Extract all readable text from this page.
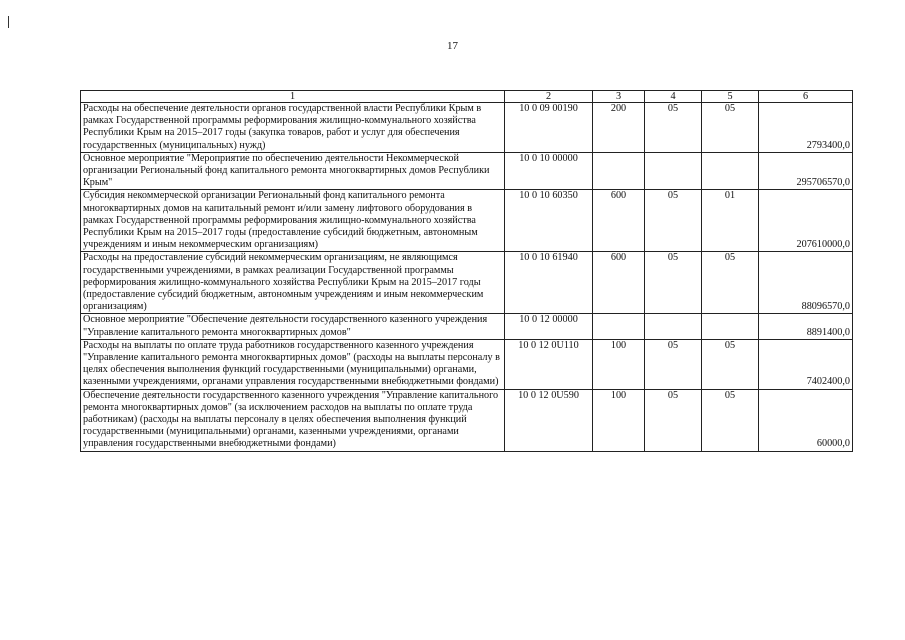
17
1	2	3	4	5	6
Расходы на обеспечение деятельности органов государственной власти Республики Крым в рамках Государственной программы реформирования жилищно-коммунального хозяйства Республики Крым на 2015–2017 годы (закупка товаров, работ и услуг для обеспечения государственных (муниципальных) нужд)	10 0 09 00190	200	05	05	2793400,0
Основное мероприятие "Мероприятие по обеспечению деятельности Некоммерческой организации Региональный фонд капитального ремонта многоквартирных домов Республики Крым"	10 0 10 00000				295706570,0
Субсидия некоммерческой организации Региональный фонд капитального ремонта многоквартирных домов на капитальный ремонт и/или замену лифтового оборудования в рамках Государственной программы реформирования жилищно-коммунального хозяйства Республики Крым на 2015–2017 годы (предоставление субсидий бюджетным, автономным учреждениям и иным некоммерческим организациям)	10 0 10 60350	600	05	01	207610000,0
Расходы на предоставление субсидий некоммерческим организациям, не являющимся государственными учреждениями, в рамках реализации Государственной программы реформирования жилищно-коммунального хозяйства Республики Крым на 2015–2017 годы (предоставление субсидий бюджетным, автономным учреждениям и иным некоммерческим организациям)	10 0 10 61940	600	05	05	88096570,0
Основное мероприятие "Обеспечение деятельности государственного казенного учреждения "Управление капитального ремонта многоквартирных домов"	10 0 12 00000				8891400,0
Расходы на выплаты по оплате труда работников государственного казенного учреждения "Управление капитального ремонта многоквартирных домов" (расходы на выплаты персоналу в целях обеспечения выполнения функций государственными (муниципальными) органами, казенными учреждениями, органами управления государственными внебюджетными фондами)	10 0 12 0U110	100	05	05	7402400,0
Обеспечение деятельности государственного казенного учреждения "Управление капитального ремонта многоквартирных домов" (за исключением расходов на выплаты по оплате труда работникам) (расходы на выплаты персоналу в целях обеспечения выполнения функций государственными (муниципальными) органами, казенными учреждениями, органами управления государственными внебюджетными фондами)	10 0 12 0U590	100	05	05	60000,0
